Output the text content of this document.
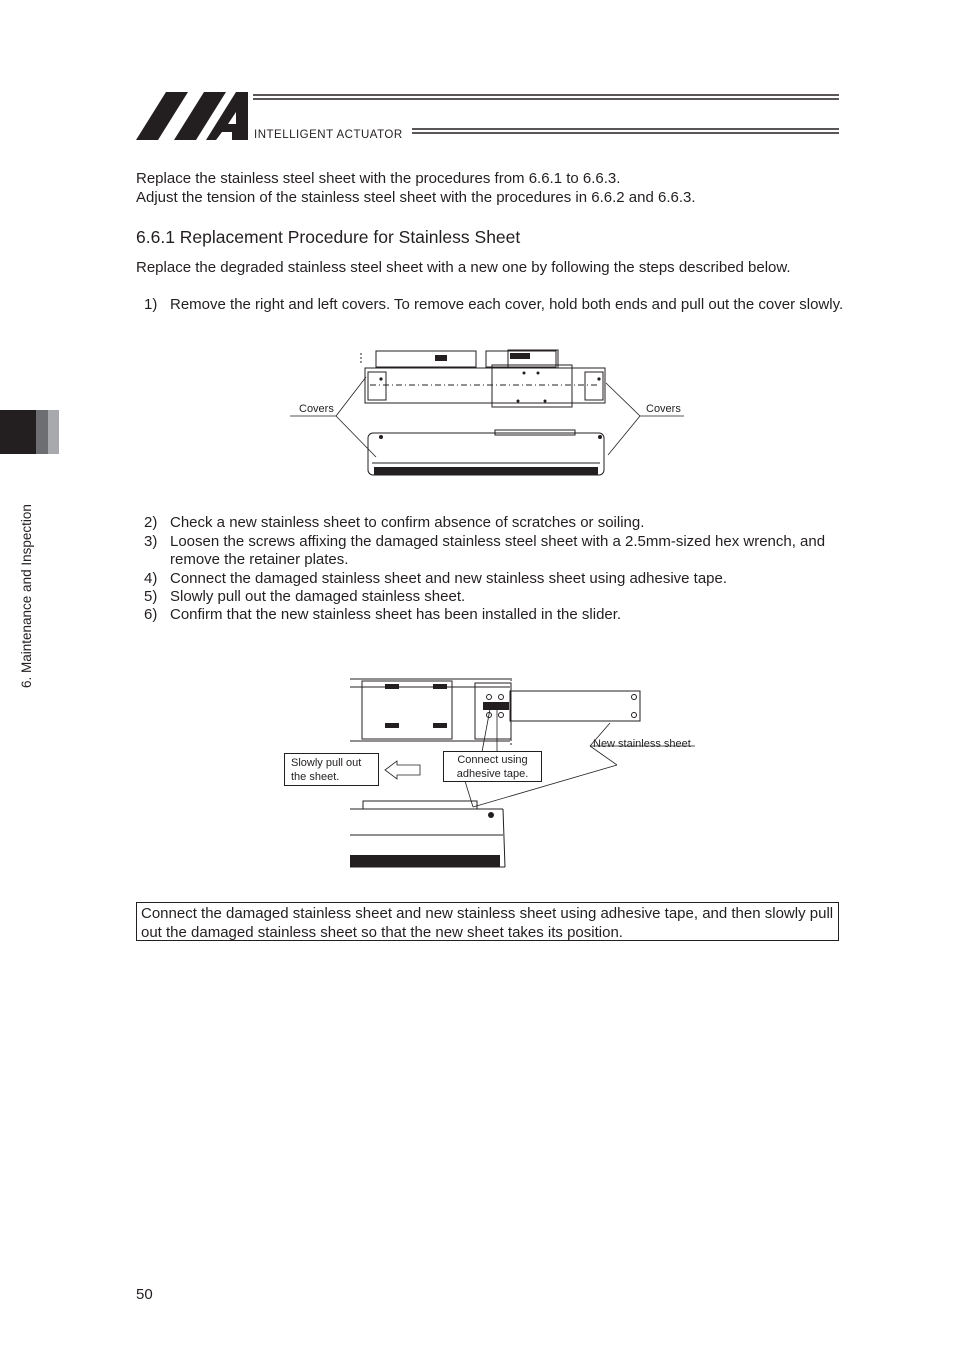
INTELLIGENT ACTUATOR
6. Maintenance and Inspection
Replace the stainless steel sheet with the procedures from 6.6.1 to 6.6.3.
Adjust the tension of the stainless steel sheet with the procedures in 6.6.2 and 6.6.3.
6.6.1 Replacement Procedure for Stainless Sheet
Replace the degraded stainless steel sheet with a new one by following the steps described below.
1) Remove the right and left covers. To remove each cover, hold both ends and pull out the cover slowly.
Covers	Covers
2) Check a new stainless sheet to confirm absence of scratches or soiling.
3) Loosen the screws affixing the damaged stainless steel sheet with a 2.5mm-sized hex wrench, and remove the retainer plates.
4) Connect the damaged stainless sheet and new stainless sheet using adhesive tape.
5) Slowly pull out the damaged stainless sheet.
6) Confirm that the new stainless sheet has been installed in the slider.
Slowly pull out the sheet.
Connect using adhesive tape.
New stainless sheet
Connect the damaged stainless sheet and new stainless sheet using adhesive tape, and then slowly pull out the damaged stainless sheet so that the new sheet takes its position.
50
